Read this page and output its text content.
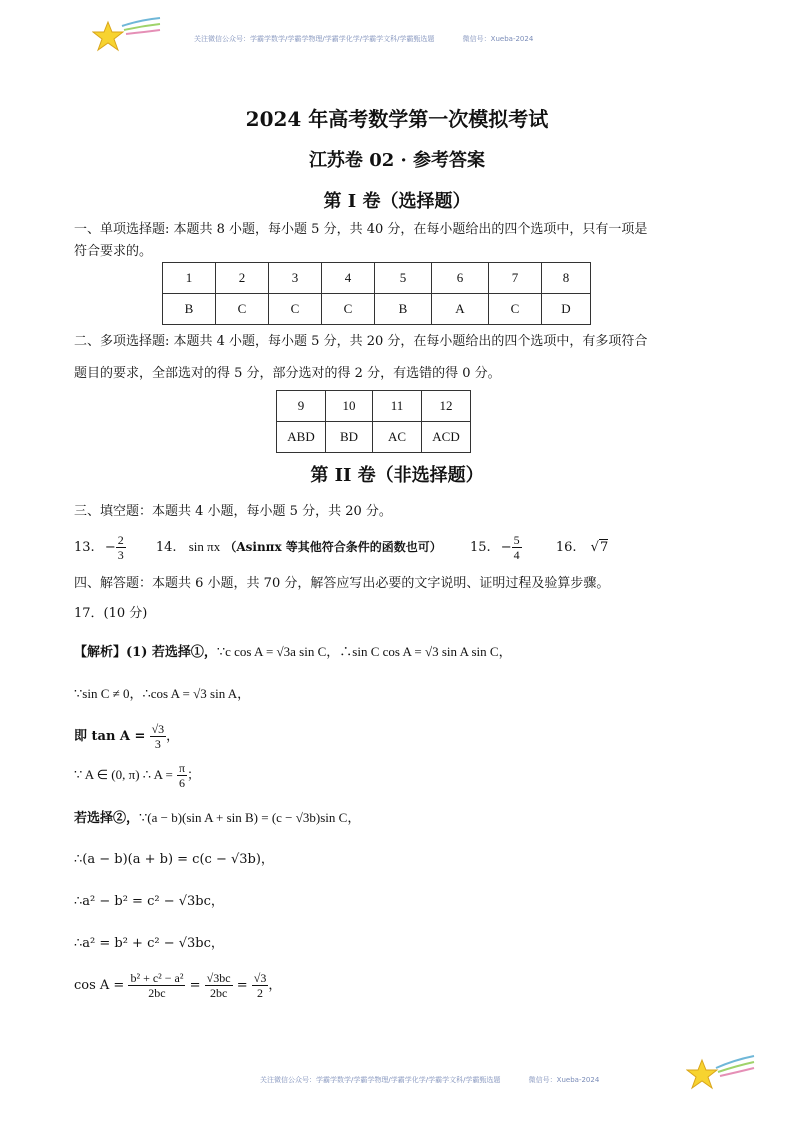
关注微信公众号：学霸学数学/学霸学物理/学霸学化学/学霸学文科/学霸甄选题	微信号：Xueba-2024
2024 年高考数学第一次模拟考试
江苏卷 02 · 参考答案
第 I 卷（选择题）
一、单项选择题: 本题共 8 小题，每小题 5 分，共 40 分，在每小题给出的四个选项中，只有一项是
符合要求的。
1	2	3	4	5	6	7	8
B	C	C	C	B	A	C	D
二、多项选择题: 本题共 4 小题，每小题 5 分，共 20 分，在每小题给出的四个选项中，有多项符合
题目的要求，全部选对的得 5 分，部分选对的得 2 分，有选错的得 0 分。
9	10	11	12
ABD	BD	AC	ACD
第 II 卷（非选择题）
三、填空题：本题共 4 小题，每小题 5 分，共 20 分。
13. − $\frac{2}{3} 14$. sin πx （Asinπx 等其他符合条件的函数也可） 15. − $\frac{5}{4}$	16. √7
四、解答题：本题共 6 小题，共 70 分，解答应写出必要的文字说明、证明过程及验算步骤。
17．(10 分)
【解析】(1) 若选择①，∵c cos A = √3a sin C，∴sin C cos A = √3 sin A sin C，
∵sin C ≠ 0，∴cos A = √3 sin A，
即 $\tan A = \frac{√3}{3}$ ，
∵ A ∈ (0, π) ∴ $A = \frac{\pi}{6}$ ；
若选择②，∵(a − b)(sin A + sin B) = (c − √3b)sin C，
∴(a − b)(a + b) = c(c − √3b)，
∴a² − b² = c² − √3bc，
∴a² = b² + c² − √3bc，
$\cos A = \frac{\text{b² + c² − a²}}{2bc} = \frac{√3bc}{2bc} = \frac{√3}{2}$ ，
关注微信公众号：学霸学数学/学霸学物理/学霸学化学/学霸学文科/学霸甄选题	微信号：Xueba-2024
